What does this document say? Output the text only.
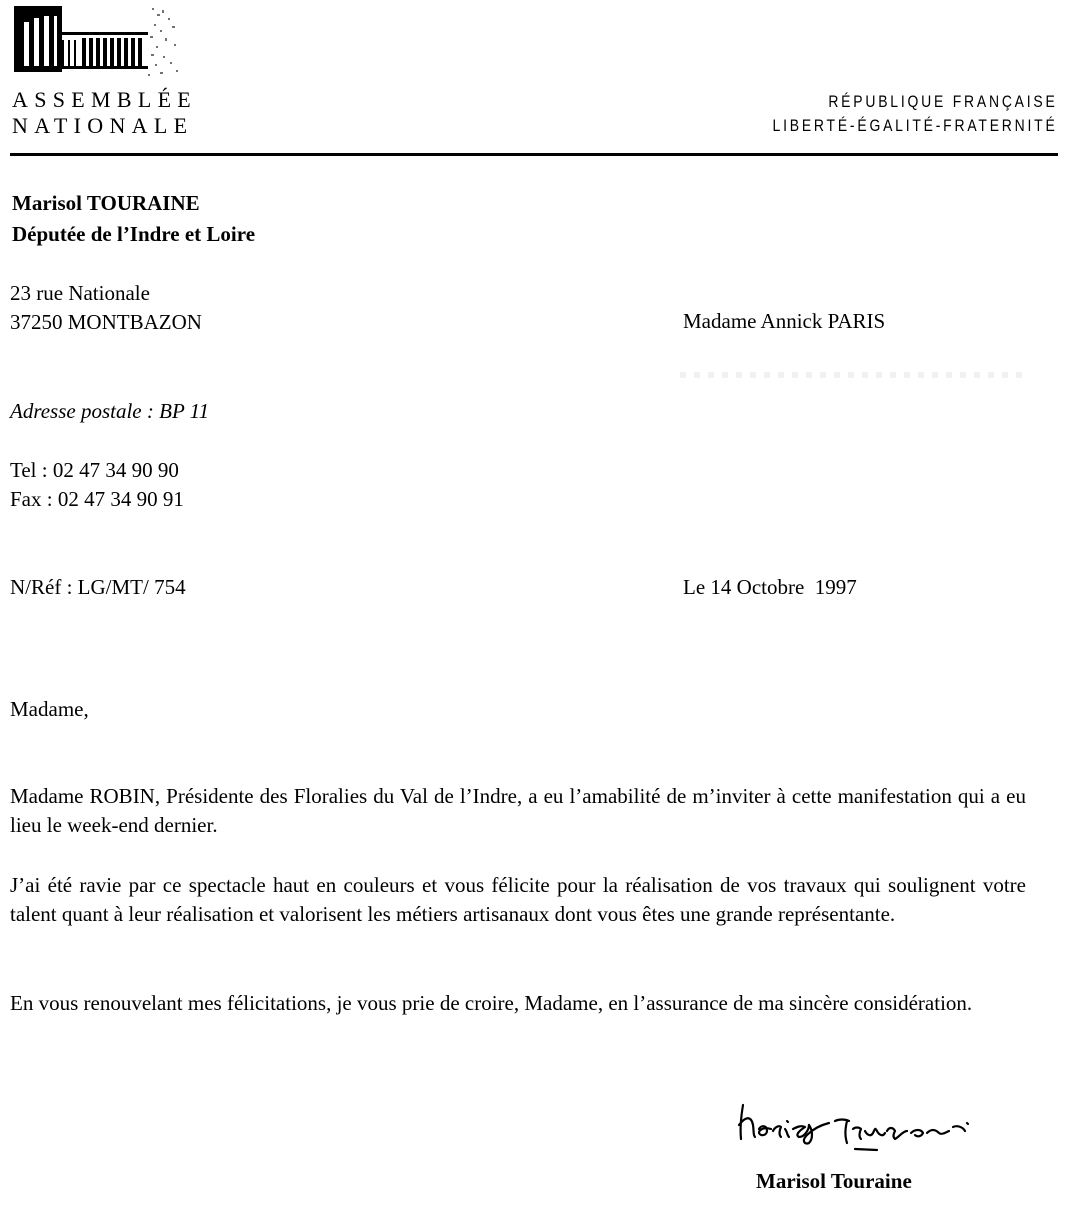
ASSEMBLÉE
NATIONALE
RÉPUBLIQUE FRANÇAISE
LIBERTÉ-ÉGALITÉ-FRATERNITÉ
Marisol TOURAINE
Députée de l’Indre et Loire
23 rue Nationale
37250 MONTBAZON
Adresse postale : BP 11
Tel : 02 47 34 90 90
Fax : 02 47 34 90 91
Madame Annick PARIS
N/Réf : LG/MT/ 754	Le 14 Octobre  1997
Madame,
Madame ROBIN, Présidente des Floralies du Val de l’Indre, a eu l’amabilité de m’inviter à cette manifestation qui a eu lieu le week-end dernier.
J’ai été ravie par ce spectacle haut en couleurs et vous félicite pour la réalisation de vos travaux qui soulignent votre talent quant à leur réalisation et valorisent les métiers artisanaux dont vous êtes une grande représentante.
En vous renouvelant mes félicitations, je vous prie de croire, Madame, en l’assurance de ma sincère considération.
Marisol Touraine
